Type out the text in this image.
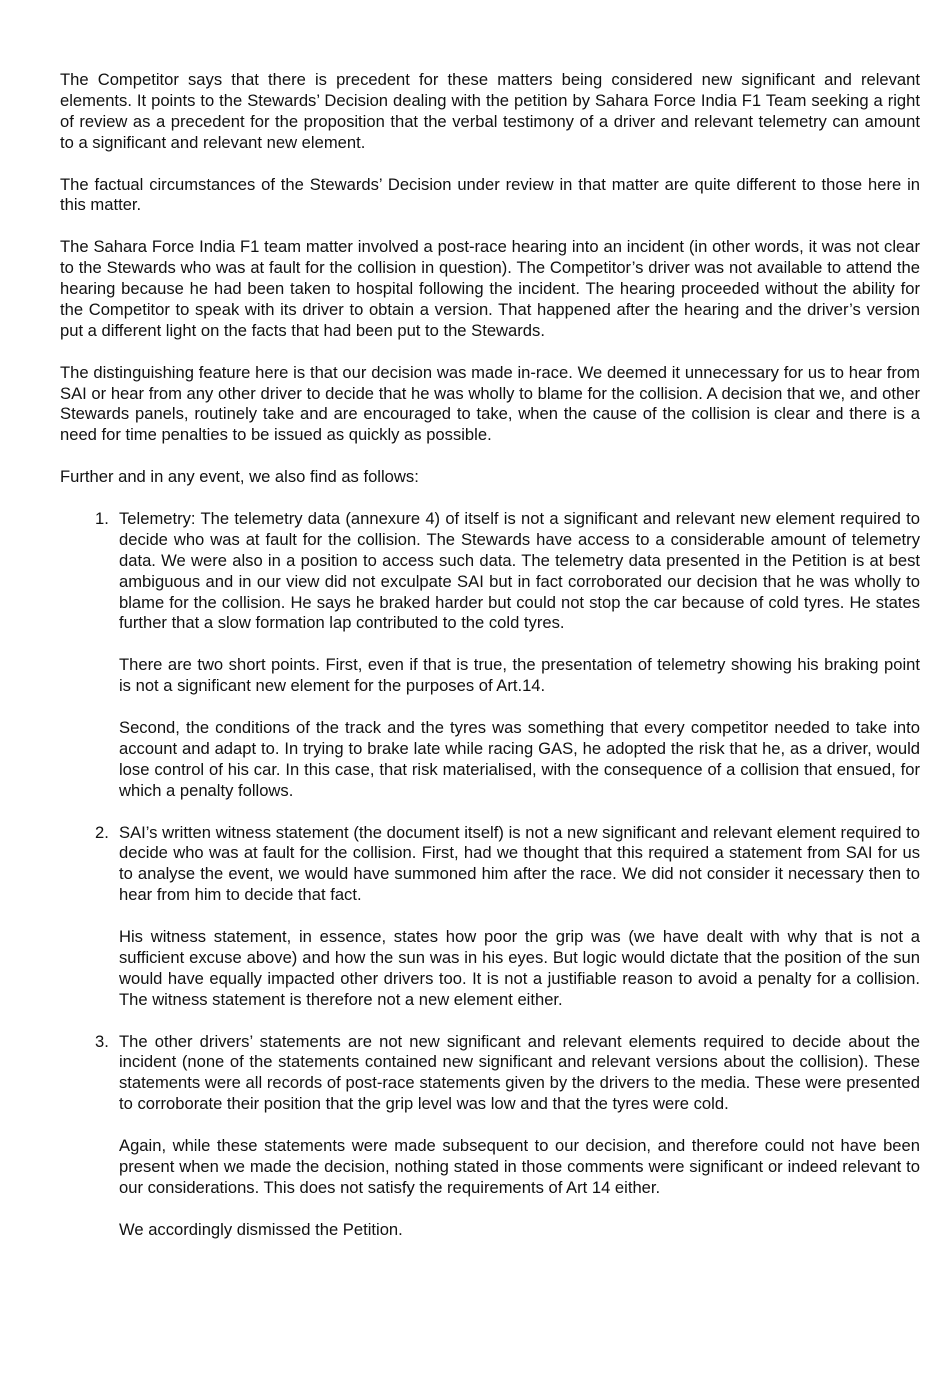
The Competitor says that there is precedent for these matters being considered new significant and relevant elements. It points to the Stewards’ Decision dealing with the petition by Sahara Force India F1 Team seeking a right of review as a precedent for the proposition that the verbal testimony of a driver and relevant telemetry can amount to a significant and relevant new element.

The factual circumstances of the Stewards’ Decision under review in that matter are quite different to those here in this matter.

The Sahara Force India F1 team matter involved a post-race hearing into an incident (in other words, it was not clear to the Stewards who was at fault for the collision in question). The Competitor’s driver was not available to attend the hearing because he had been taken to hospital following the incident. The hearing proceeded without the ability for the Competitor to speak with its driver to obtain a version. That happened after the hearing and the driver’s version put a different light on the facts that had been put to the Stewards.

The distinguishing feature here is that our decision was made in-race. We deemed it unnecessary for us to hear from SAI or hear from any other driver to decide that he was wholly to blame for the collision. A decision that we, and other Stewards panels, routinely take and are encouraged to take, when the cause of the collision is clear and there is a need for time penalties to be issued as quickly as possible.

Further and in any event, we also find as follows:

1. Telemetry: The telemetry data (annexure 4) of itself is not a significant and relevant new element required to decide who was at fault for the collision. The Stewards have access to a considerable amount of telemetry data. We were also in a position to access such data. The telemetry data presented in the Petition is at best ambiguous and in our view did not exculpate SAI but in fact corroborated our decision that he was wholly to blame for the collision. He says he braked harder but could not stop the car because of cold tyres. He states further that a slow formation lap contributed to the cold tyres.

There are two short points. First, even if that is true, the presentation of telemetry showing his braking point is not a significant new element for the purposes of Art.14.

Second, the conditions of the track and the tyres was something that every competitor needed to take into account and adapt to. In trying to brake late while racing GAS, he adopted the risk that he, as a driver, would lose control of his car. In this case, that risk materialised, with the consequence of a collision that ensued, for which a penalty follows.

2. SAI’s written witness statement (the document itself) is not a new significant and relevant element required to decide who was at fault for the collision. First, had we thought that this required a statement from SAI for us to analyse the event, we would have summoned him after the race. We did not consider it necessary then to hear from him to decide that fact.

His witness statement, in essence, states how poor the grip was (we have dealt with why that is not a sufficient excuse above) and how the sun was in his eyes. But logic would dictate that the position of the sun would have equally impacted other drivers too. It is not a justifiable reason to avoid a penalty for a collision. The witness statement is therefore not a new element either.

3. The other drivers’ statements are not new significant and relevant elements required to decide about the incident (none of the statements contained new significant and relevant versions about the collision). These statements were all records of post-race statements given by the drivers to the media. These were presented to corroborate their position that the grip level was low and that the tyres were cold.

Again, while these statements were made subsequent to our decision, and therefore could not have been present when we made the decision, nothing stated in those comments were significant or indeed relevant to our considerations. This does not satisfy the requirements of Art 14 either.

We accordingly dismissed the Petition.
